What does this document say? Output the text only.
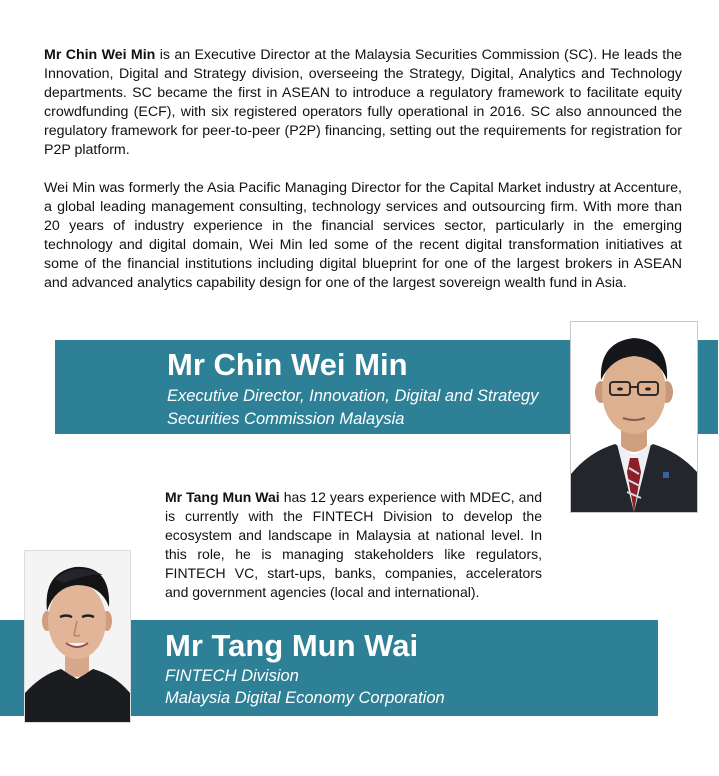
Mr Chin Wei Min is an Executive Director at the Malaysia Securities Commission (SC). He leads the Innovation, Digital and Strategy division, overseeing the Strategy, Digital, Analytics and Technology departments. SC became the first in ASEAN to introduce a regulatory framework to facilitate equity crowdfunding (ECF), with six registered operators fully operational in 2016. SC also announced the regulatory framework for peer-to-peer (P2P) financing, setting out the requirements for registration for P2P platform.

Wei Min was formerly the Asia Pacific Managing Director for the Capital Market industry at Accenture, a global leading management consulting, technology services and outsourcing firm. With more than 20 years of industry experience in the financial services sector, particularly in the emerging technology and digital domain, Wei Min led some of the recent digital transformation initiatives at some of the financial institutions including digital blueprint for one of the largest brokers in ASEAN and advanced analytics capability design for one of the largest sovereign wealth fund in Asia.

Mr Chin Wei Min
Executive Director, Innovation, Digital and Strategy
Securities Commission Malaysia

Mr Tang Mun Wai has 12 years experience with MDEC, and is currently with the FINTECH Division to develop the ecosystem and landscape in Malaysia at national level. In this role, he is managing stakeholders like regulators, FINTECH VC, start-ups, banks, companies, accelerators and government agencies (local and international).

Mr Tang Mun Wai
FINTECH Division
Malaysia Digital Economy Corporation
